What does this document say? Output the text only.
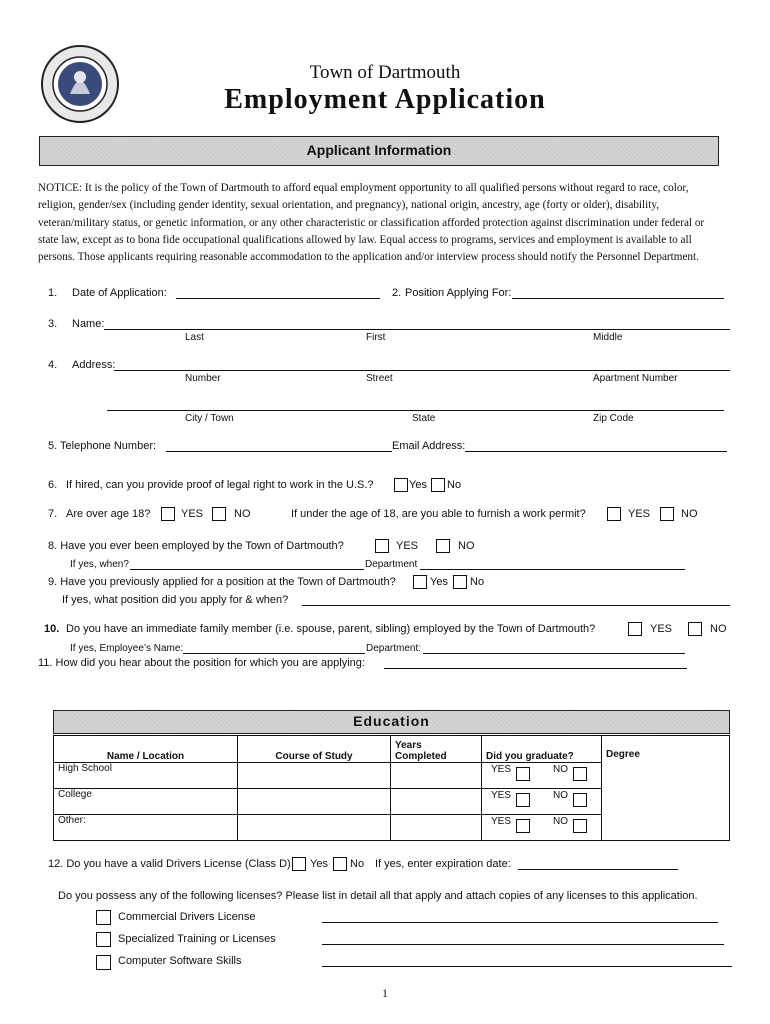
Town of Dartmouth
Employment Application
Applicant Information
NOTICE: It is the policy of the Town of Dartmouth to afford equal employment opportunity to all qualified persons without regard to race, color, religion, gender/sex (including gender identity, sexual orientation, and pregnancy), national origin, ancestry, age (forty or older), disability, veteran/military status, or genetic information, or any other characteristic or classification afforded protection against discrimination under federal or state law, except as to bona fide occupational qualifications allowed by law. Equal access to programs, services and employment is available to all persons. Those applicants requiring reasonable accommodation to the application and/or interview process should notify the Personnel Department.
1. Date of Application:	2. Position Applying For:
3. Name:
Last	First	Middle
4. Address:
Number	Street	Apartment Number
City / Town	State	Zip Code
5. Telephone Number:	Email Address:
6. If hired, can you provide proof of legal right to work in the U.S.?	Yes No
7. Are over age 18?	YES	NO	If under the age of 18, are you able to furnish a work permit?	YES	NO
8. Have you ever been employed by the Town of Dartmouth?	YES	NO
If yes, when?	Department
9. Have you previously applied for a position at the Town of Dartmouth?	Yes No
If yes, what position did you apply for & when?
10. Do you have an immediate family member (i.e. spouse, parent, sibling) employed by the Town of Dartmouth?	YES	NO
If yes, Employee’s Name:	Department:
11. How did you hear about the position for which you are applying:
Education
Name / Location	Course of Study	Years Completed	Did you graduate?	Degree
High School			YES NO	

College			YES NO	

Other:			YES NO	
12. Do you have a valid Drivers License (Class D) Yes No If yes, enter expiration date:
Do you possess any of the following licenses? Please list in detail all that apply and attach copies of any licenses to this application.
Commercial Drivers License
Specialized Training or Licenses
Computer Software Skills
1
